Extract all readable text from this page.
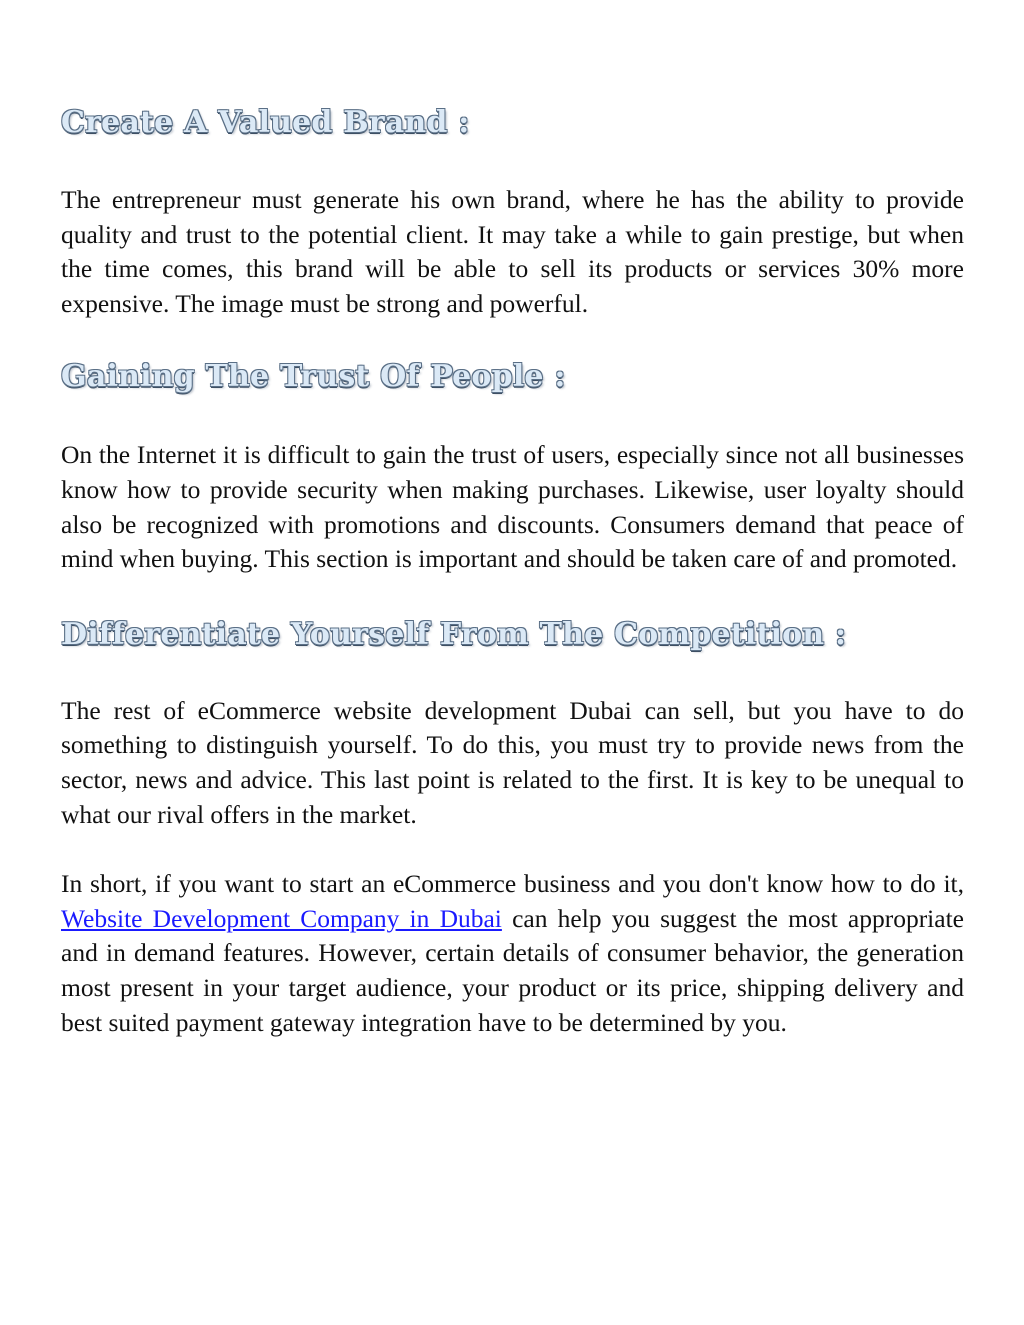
Create A Valued Brand :

The entrepreneur must generate his own brand, where he has the ability to provide quality and trust to the potential client. It may take a while to gain prestige, but when the time comes, this brand will be able to sell its products or services 30% more expensive. The image must be strong and powerful.

Gaining The Trust Of People :

On the Internet it is difficult to gain the trust of users, especially since not all businesses know how to provide security when making purchases. Likewise, user loyalty should also be recognized with promotions and discounts. Consumers demand that peace of mind when buying. This section is important and should be taken care of and promoted.

Differentiate Yourself From The Competition :

The rest of eCommerce website development Dubai can sell, but you have to do something to distinguish yourself. To do this, you must try to provide news from the sector, news and advice. This last point is related to the first. It is key to be unequal to what our rival offers in the market.

In short, if you want to start an eCommerce business and you don't know how to do it, Website Development Company in Dubai can help you suggest the most appropriate and in demand features. However, certain details of consumer behavior, the generation most present in your target audience, your product or its price, shipping delivery and best suited payment gateway integration have to be determined by you.
